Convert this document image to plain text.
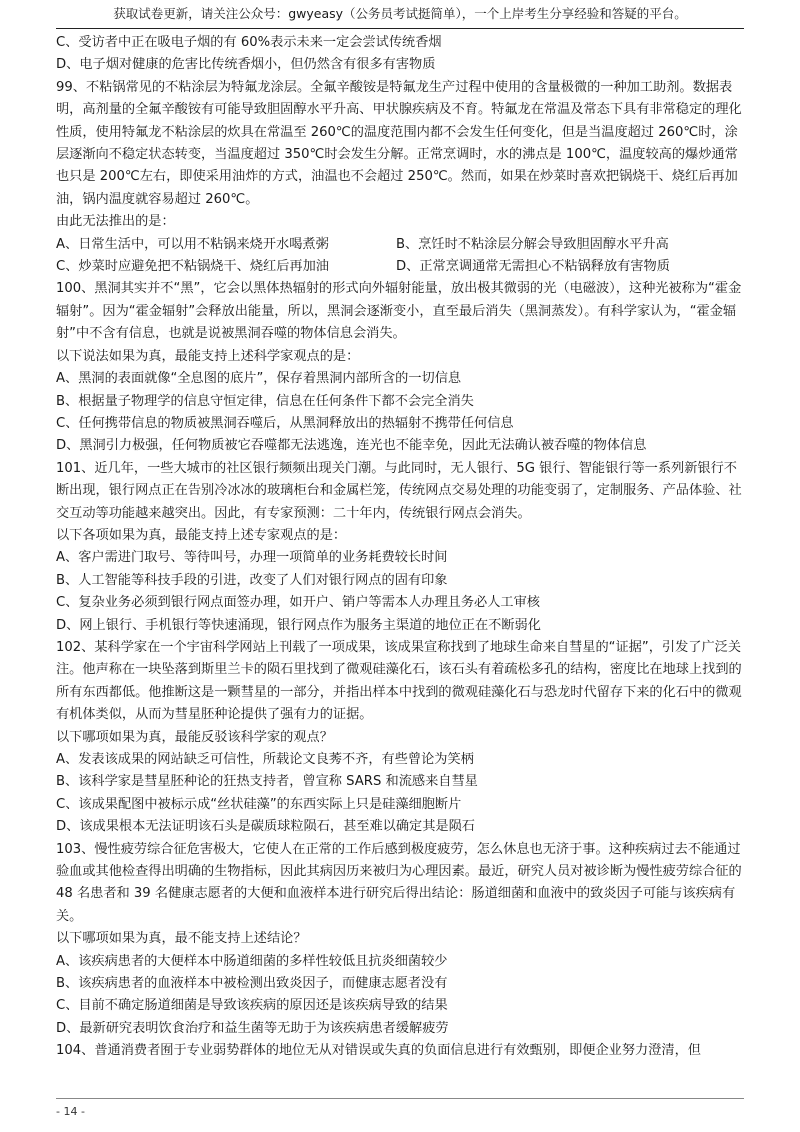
获取试卷更新，请关注公众号：gwyeasy（公务员考试挺简单），一个上岸考生分享经验和答疑的平台。

C、受访者中正在吸电子烟的有 60%表示未来一定会尝试传统香烟

D、电子烟对健康的危害比传统香烟小，但仍然含有很多有害物质

99、不粘锅常见的不粘涂层为特氟龙涂层。全氟辛酸铵是特氟龙生产过程中使用的含量极微的一种加工助剂。数据表明，高剂量的全氟辛酸铵有可能导致胆固醇水平升高、甲状腺疾病及不育。特氟龙在常温及常态下具有非常稳定的理化性质，使用特氟龙不粘涂层的炊具在常温至 260℃的温度范围内都不会发生任何变化，但是当温度超过 260℃时，涂层逐渐向不稳定状态转变，当温度超过 350℃时会发生分解。正常烹调时，水的沸点是 100℃，温度较高的爆炒通常也只是 200℃左右，即使采用油炸的方式，油温也不会超过 250℃。然而，如果在炒菜时喜欢把锅烧干、烧红后再加油，锅内温度就容易超过 260℃。

由此无法推出的是：

A、日常生活中，可以用不粘锅来烧开水喝煮粥	B、烹饪时不粘涂层分解会导致胆固醇水平升高

C、炒菜时应避免把不粘锅烧干、烧红后再加油	D、正常烹调通常无需担心不粘锅释放有害物质

100、黑洞其实并不“黑”，它会以黑体热辐射的形式向外辐射能量，放出极其微弱的光（电磁波），这种光被称为“霍金辐射”。因为“霍金辐射”会释放出能量，所以，黑洞会逐渐变小，直至最后消失（黑洞蒸发）。有科学家认为，“霍金辐射”中不含有信息，也就是说被黑洞吞噬的物体信息会消失。

以下说法如果为真，最能支持上述科学家观点的是：

A、黑洞的表面就像“全息图的底片”，保存着黑洞内部所含的一切信息

B、根据量子物理学的信息守恒定律，信息在任何条件下都不会完全消失

C、任何携带信息的物质被黑洞吞噬后，从黑洞释放出的热辐射不携带任何信息

D、黑洞引力极强，任何物质被它吞噬都无法逃逸，连光也不能幸免，因此无法确认被吞噬的物体信息

101、近几年，一些大城市的社区银行频频出现关门潮。与此同时，无人银行、5G 银行、智能银行等一系列新银行不断出现，银行网点正在告别冷冰冰的玻璃柜台和金属栏笼，传统网点交易处理的功能变弱了，定制服务、产品体验、社交互动等功能越来越突出。因此，有专家预测：二十年内，传统银行网点会消失。

以下各项如果为真，最能支持上述专家观点的是：

A、客户需进门取号、等待叫号，办理一项简单的业务耗费较长时间

B、人工智能等科技手段的引进，改变了人们对银行网点的固有印象

C、复杂业务必须到银行网点面签办理，如开户、销户等需本人办理且务必人工审核

D、网上银行、手机银行等快速涌现，银行网点作为服务主渠道的地位正在不断弱化

102、某科学家在一个宇宙科学网站上刊载了一项成果，该成果宣称找到了地球生命来自彗星的“证据”，引发了广泛关注。他声称在一块坠落到斯里兰卡的陨石里找到了微观硅藻化石，该石头有着疏松多孔的结构，密度比在地球上找到的所有东西都低。他推断这是一颗彗星的一部分，并指出样本中找到的微观硅藻化石与恐龙时代留存下来的化石中的微观有机体类似，从而为彗星胚种论提供了强有力的证据。

以下哪项如果为真，最能反驳该科学家的观点？

A、发表该成果的网站缺乏可信性，所载论文良莠不齐，有些曾论为笑柄

B、该科学家是彗星胚种论的狂热支持者，曾宣称 SARS 和流感来自彗星

C、该成果配图中被标示成“丝状硅藻”的东西实际上只是硅藻细胞断片

D、该成果根本无法证明该石头是碳质球粒陨石，甚至难以确定其是陨石

103、慢性疲劳综合征危害极大，它使人在正常的工作后感到极度疲劳，怎么休息也无济于事。这种疾病过去不能通过验血或其他检查得出明确的生物指标，因此其病因历来被归为心理因素。最近，研究人员对被诊断为慢性疲劳综合征的 48 名患者和 39 名健康志愿者的大便和血液样本进行研究后得出结论：肠道细菌和血液中的致炎因子可能与该疾病有关。

以下哪项如果为真，最不能支持上述结论？

A、该疾病患者的大便样本中肠道细菌的多样性较低且抗炎细菌较少

B、该疾病患者的血液样本中被检测出致炎因子，而健康志愿者没有

C、目前不确定肠道细菌是导致该疾病的原因还是该疾病导致的结果

D、最新研究表明饮食治疗和益生菌等无助于为该疾病患者缓解疲劳

104、普通消费者囿于专业弱势群体的地位无从对错误或失真的负面信息进行有效甄别，即便企业努力澄清，但

- 14 -
